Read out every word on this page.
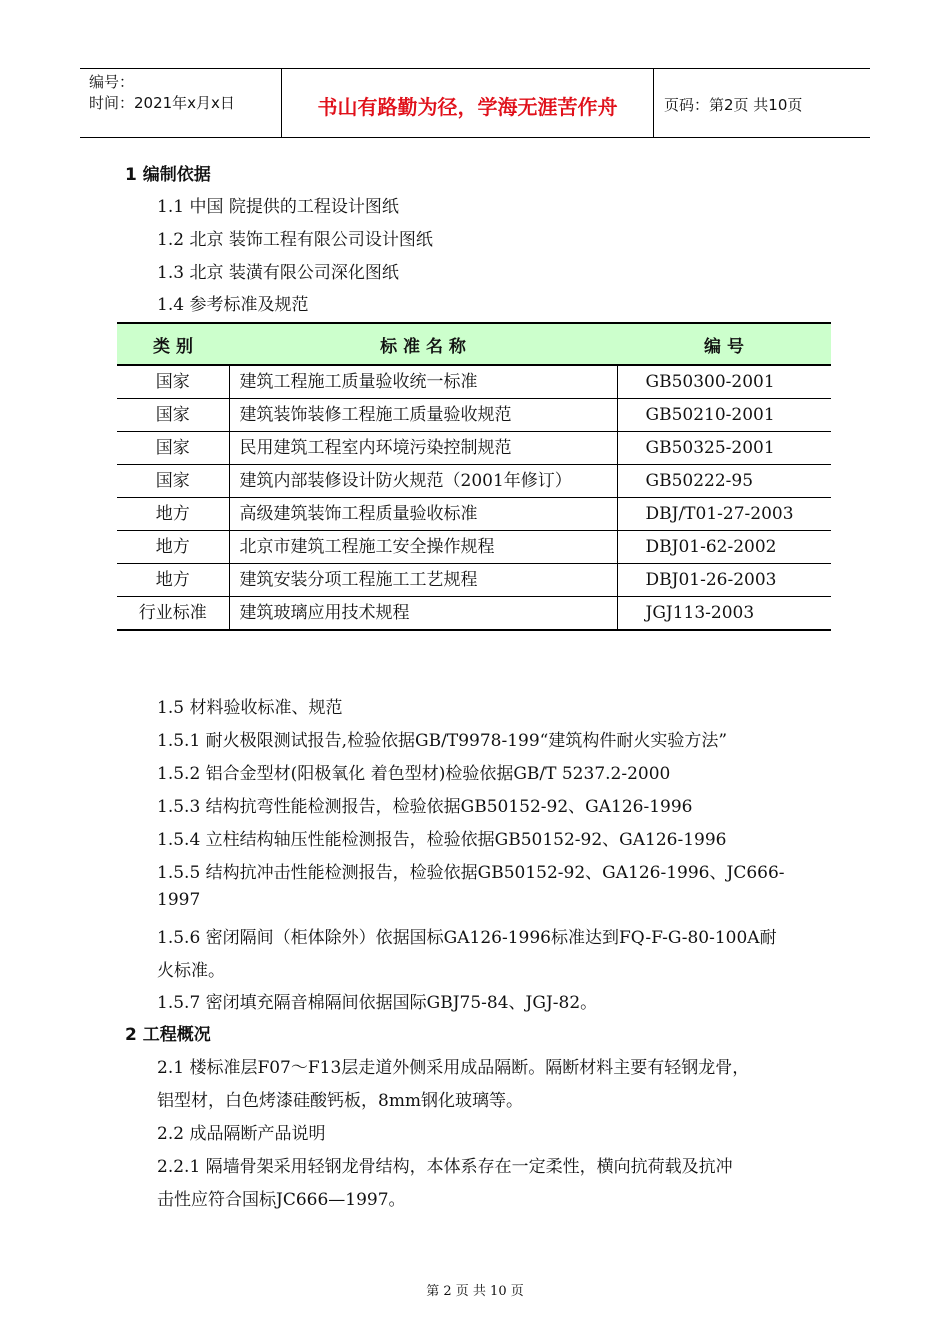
编号：
时间：2021年x月x日	书山有路勤为径，学海无涯苦作舟	页码：第2页 共10页
1 编制依据
1.1 中国 院提供的工程设计图纸
1.2 北京 装饰工程有限公司设计图纸
1.3 北京 装潢有限公司深化图纸
1.4 参考标准及规范
类 别	标 准 名 称	编 号
国家	建筑工程施工质量验收统一标准	GB50300-2001
国家	建筑装饰装修工程施工质量验收规范	GB50210-2001
国家	民用建筑工程室内环境污染控制规范	GB50325-2001
国家	建筑内部装修设计防火规范（2001年修订）	GB50222-95
地方	高级建筑装饰工程质量验收标准	DBJ/T01-27-2003
地方	北京市建筑工程施工安全操作规程	DBJ01-62-2002
地方	建筑安装分项工程施工工艺规程	DBJ01-26-2003
行业标准	建筑玻璃应用技术规程	JGJ113-2003
1.5 材料验收标准、规范
1.5.1 耐火极限测试报告,检验依据GB/T9978-199“建筑构件耐火实验方法”
1.5.2 铝合金型材(阳极氧化 着色型材)检验依据GB/T 5237.2-2000
1.5.3 结构抗弯性能检测报告，检验依据GB50152-92、GA126-1996
1.5.4 立柱结构轴压性能检测报告，检验依据GB50152-92、GA126-1996
1.5.5 结构抗冲击性能检测报告，检验依据GB50152-92、GA126-1996、JC666-
1997
1.5.6 密闭隔间（柜体除外）依据国标GA126-1996标准达到FQ-F-G-80-100A耐
火标准。
1.5.7 密闭填充隔音棉隔间依据国际GBJ75-84、JGJ-82。
2 工程概况
2.1 楼标准层F07～F13层走道外侧采用成品隔断。隔断材料主要有轻钢龙骨，
铝型材，白色烤漆硅酸钙板，8mm钢化玻璃等。
2.2 成品隔断产品说明
2.2.1 隔墙骨架采用轻钢龙骨结构，本体系存在一定柔性，横向抗荷载及抗冲
击性应符合国标JC666—1997。
第 2 页 共 10 页
